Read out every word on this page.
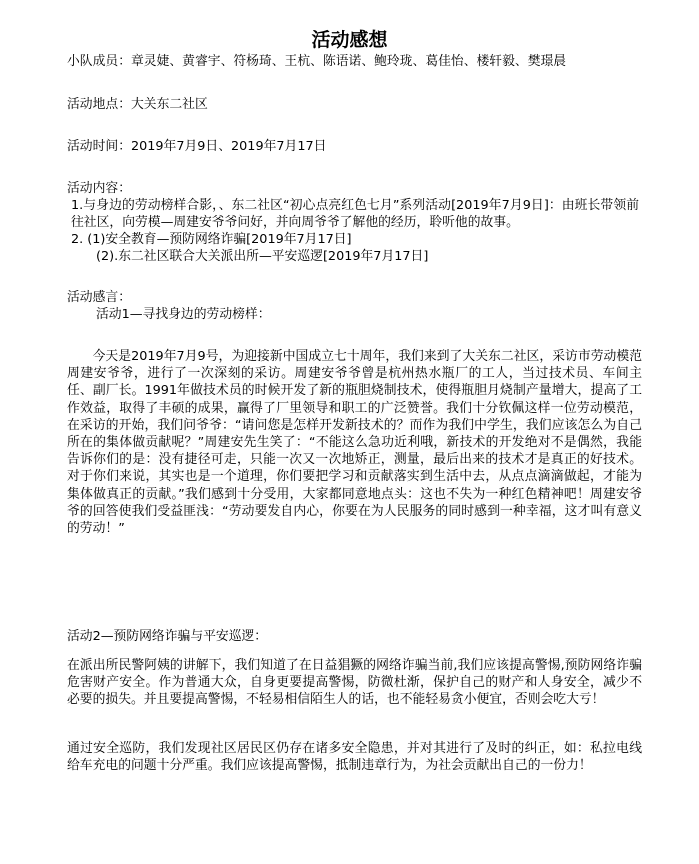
活动感想
小队成员：章灵婕、黄睿宇、符杨琦、王杭、陈语诺、鲍玲珑、葛佳怡、楼轩毅、樊璟晨
活动地点：大关东二社区
活动时间：2019年7月9日、2019年7月17日
活动内容：
1.与身边的劳动榜样合影，、东二社区“初心点亮红色七月”系列活动[2019年7月9日]：由班长带领前往社区，向劳模—周建安爷爷问好，并向周爷爷了解他的经历，聆听他的故事。
2. (1)安全教育—预防网络诈骗[2019年7月17日]
(2).东二社区联合大关派出所—平安巡逻[2019年7月17日]
活动感言：
活动1—寻找身边的劳动榜样：
今天是2019年7月9号，为迎接新中国成立七十周年，我们来到了大关东二社区，采访市劳动模范周建安爷爷，进行了一次深刻的采访。周建安爷爷曾是杭州热水瓶厂的工人，当过技术员、车间主任、副厂长。1991年做技术员的时候开发了新的瓶胆烧制技术，使得瓶胆月烧制产量增大，提高了工作效益，取得了丰硕的成果，赢得了厂里领导和职工的广泛赞誉。我们十分钦佩这样一位劳动模范，在采访的开始，我们问爷爷：“请问您是怎样开发新技术的？而作为我们中学生，我们应该怎么为自己所在的集体做贡献呢？”周建安先生笑了：“不能这么急功近利哦，新技术的开发绝对不是偶然，我能告诉你们的是：没有捷径可走，只能一次又一次地矫正，测量，最后出来的技术才是真正的好技术。对于你们来说，其实也是一个道理，你们要把学习和贡献落实到生活中去，从点点滴滴做起，才能为集体做真正的贡献。”我们感到十分受用，大家都同意地点头：这也不失为一种红色精神吧！周建安爷爷的回答使我们受益匪浅：“劳动要发自内心，你要在为人民服务的同时感到一种幸福，这才叫有意义的劳动！”
活动2—预防网络诈骗与平安巡逻：
在派出所民警阿姨的讲解下，我们知道了在日益猖獗的网络诈骗当前,我们应该提高警惕,预防网络诈骗危害财产安全。作为普通大众，自身更要提高警惕，防微杜渐，保护自己的财产和人身安全，减少不必要的损失。并且要提高警惕，不轻易相信陌生人的话，也不能轻易贪小便宜，否则会吃大亏！
通过安全巡防，我们发现社区居民区仍存在诸多安全隐患，并对其进行了及时的纠正，如：私拉电线给车充电的问题十分严重。我们应该提高警惕，抵制违章行为，为社会贡献出自己的一份力！
